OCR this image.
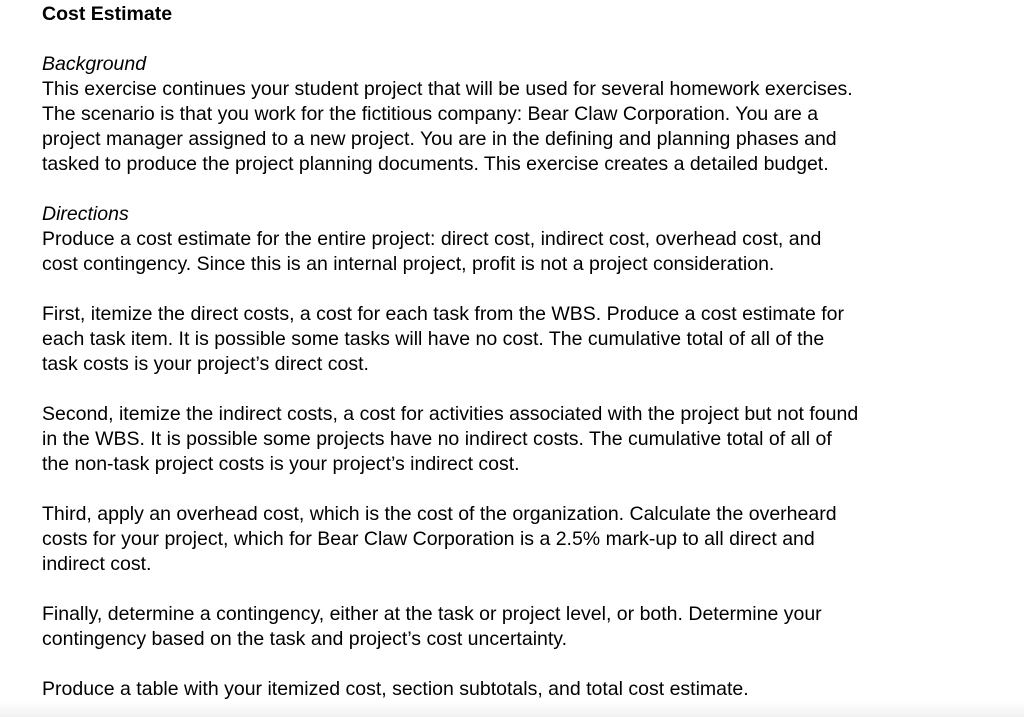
Cost Estimate

Background

This exercise continues your student project that will be used for several homework exercises.

The scenario is that you work for the fictitious company: Bear Claw Corporation. You are a

project manager assigned to a new project. You are in the defining and planning phases and

tasked to produce the project planning documents. This exercise creates a detailed budget.

Directions

Produce a cost estimate for the entire project: direct cost, indirect cost, overhead cost, and

cost contingency. Since this is an internal project, profit is not a project consideration.

First, itemize the direct costs, a cost for each task from the WBS. Produce a cost estimate for

each task item. It is possible some tasks will have no cost. The cumulative total of all of the

task costs is your project’s direct cost.

Second, itemize the indirect costs, a cost for activities associated with the project but not found

in the WBS. It is possible some projects have no indirect costs. The cumulative total of all of

the non-task project costs is your project’s indirect cost.

Third, apply an overhead cost, which is the cost of the organization. Calculate the overheard

costs for your project, which for Bear Claw Corporation is a 2.5% mark-up to all direct and

indirect cost.

Finally, determine a contingency, either at the task or project level, or both. Determine your

contingency based on the task and project’s cost uncertainty.

Produce a table with your itemized cost, section subtotals, and total cost estimate.
